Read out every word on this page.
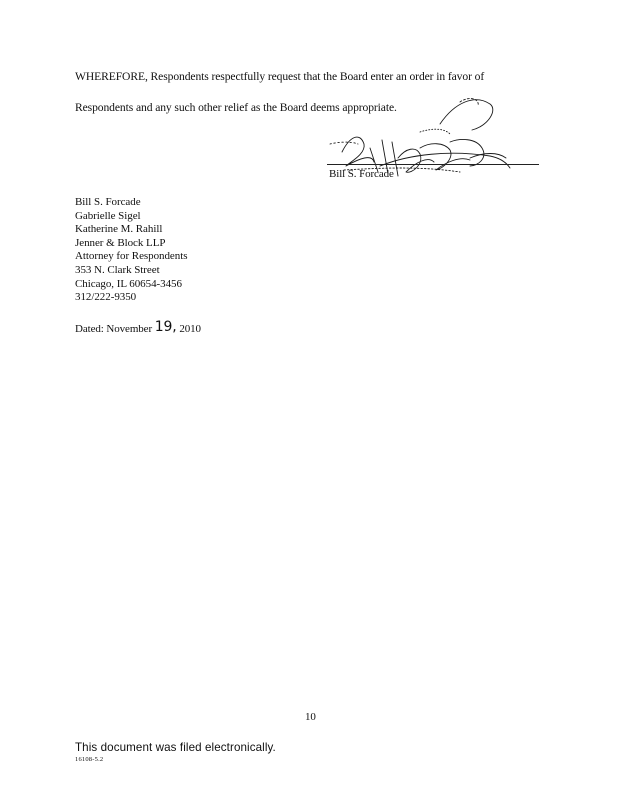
WHEREFORE, Respondents respectfully request that the Board enter an order in favor of
Respondents and any such other relief as the Board deems appropriate.
Bill S. Forcade
Bill S. Forcade
Gabrielle Sigel
Katherine M. Rahill
Jenner & Block LLP
Attorney for Respondents
353 N. Clark Street
Chicago, IL 60654-3456
312/222-9350
Dated: November 19, 2010
10
This document was filed electronically.
16108-5.2
